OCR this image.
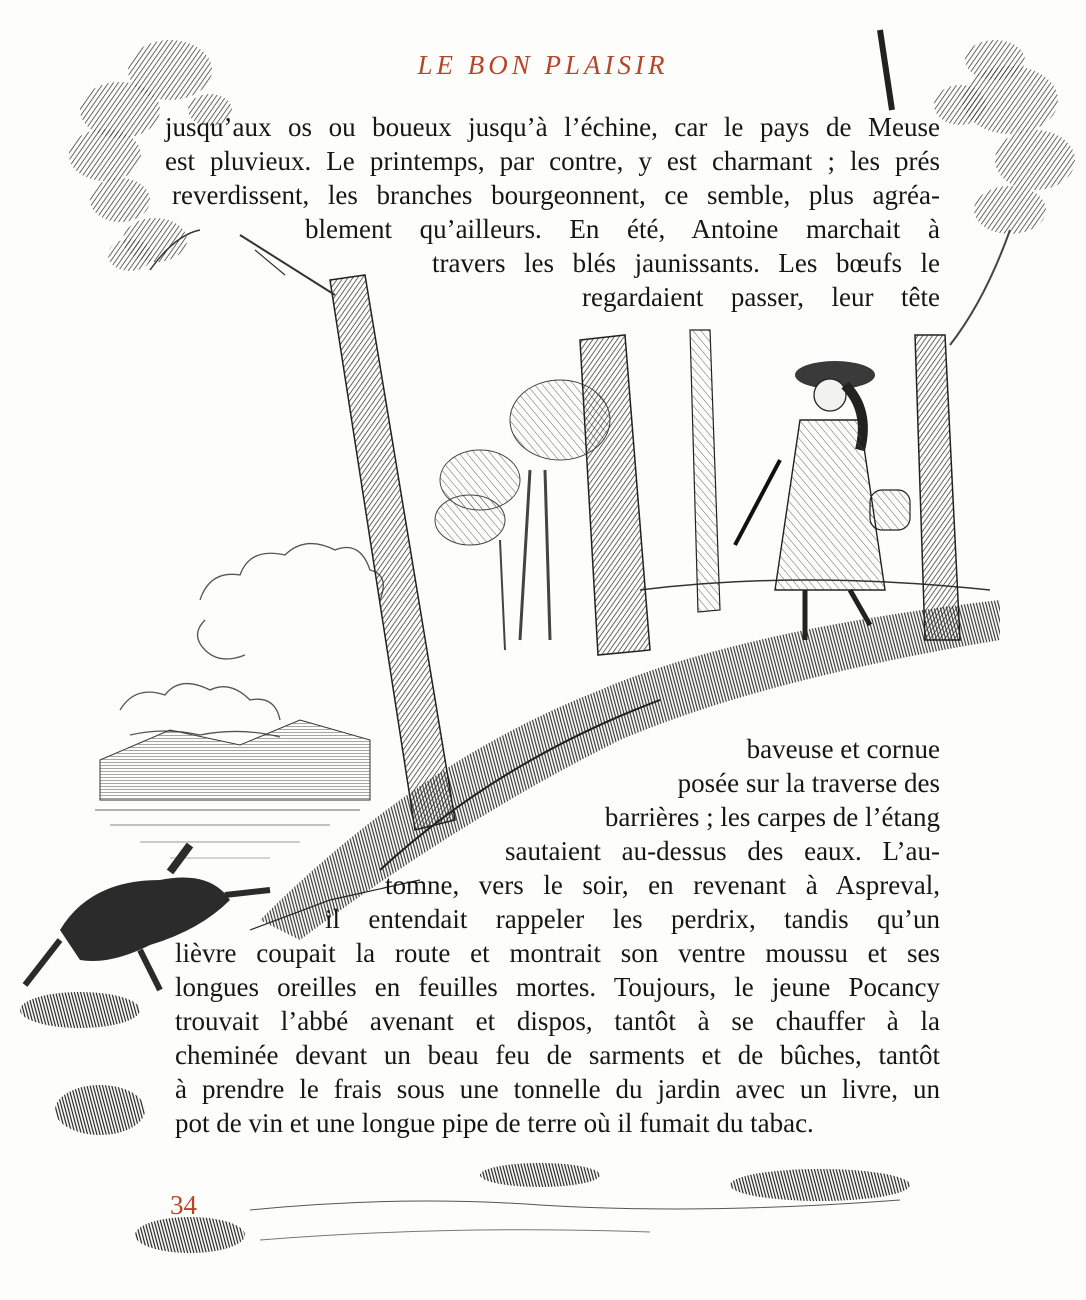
LE BON PLAISIR

jusqu’aux os ou boueux jusqu’à l’échine, car le pays de Meuse

est pluvieux. Le printemps, par contre, y est charmant ; les prés

reverdissent, les branches bourgeonnent, ce semble, plus agréa-

blement qu’ailleurs. En été, Antoine marchait à

travers les blés jaunissants. Les bœufs le

regardaient passer, leur tête

baveuse et cornue

posée sur la traverse des

barrières ; les carpes de l’étang

sautaient au-dessus des eaux. L’au-

tomne, vers le soir, en revenant à Aspreval,

il entendait rappeler les perdrix, tandis qu’un

lièvre coupait la route et montrait son ventre moussu et ses

longues oreilles en feuilles mortes. Toujours, le jeune Pocancy

trouvait l’abbé avenant et dispos, tantôt à se chauffer à la

cheminée devant un beau feu de sarments et de bûches, tantôt

à prendre le frais sous une tonnelle du jardin avec un livre, un

pot de vin et une longue pipe de terre où il fumait du tabac.

34
